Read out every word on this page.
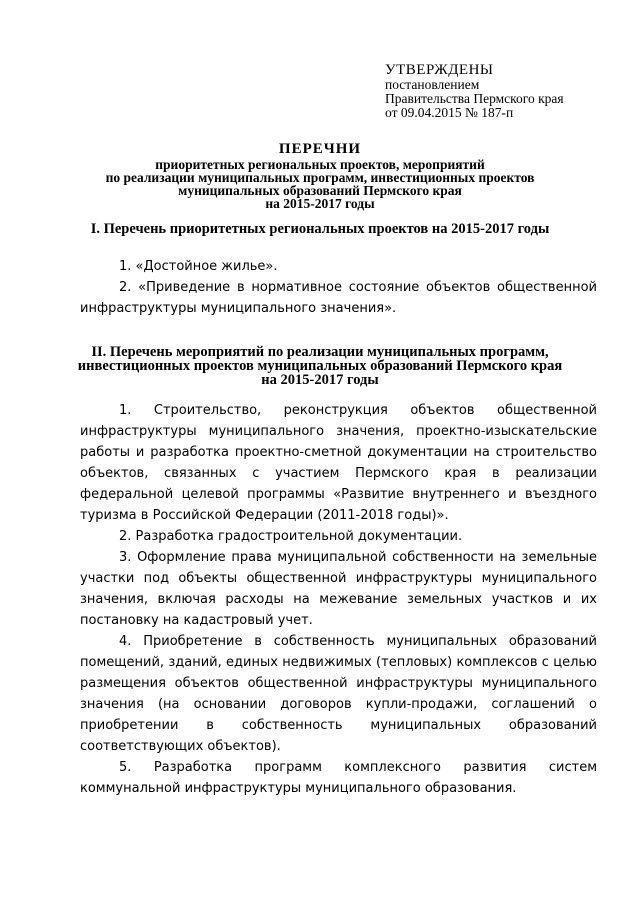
УТВЕРЖДЕНЫ
постановлением
Правительства Пермского края
от 09.04.2015 № 187-п
ПЕРЕЧНИ
приоритетных региональных проектов, мероприятий
по реализации муниципальных программ, инвестиционных проектов
муниципальных образований Пермского края
на 2015-2017 годы
I. Перечень приоритетных региональных проектов на 2015-2017 годы
1. «Достойное жилье».
2. «Приведение в нормативное состояние объектов общественной инфраструктуры муниципального значения».
II. Перечень мероприятий по реализации муниципальных программ,
инвестиционных проектов муниципальных образований Пермского края
на 2015-2017 годы
1. Строительство, реконструкция объектов общественной инфраструктуры муниципального значения, проектно-изыскательские работы и разработка проектно-сметной документации на строительство объектов, связанных с участием Пермского края в реализации федеральной целевой программы «Развитие внутреннего и въездного туризма в Российской Федерации (2011-2018 годы)».
2. Разработка градостроительной документации.
3. Оформление права муниципальной собственности на земельные участки под объекты общественной инфраструктуры муниципального значения, включая расходы на межевание земельных участков и их постановку на кадастровый учет.
4. Приобретение в собственность муниципальных образований помещений, зданий, единых недвижимых (тепловых) комплексов с целью размещения объектов общественной инфраструктуры муниципального значения (на основании договоров купли-продажи, соглашений о приобретении в собственность муниципальных образований соответствующих объектов).
5. Разработка программ комплексного развития систем коммунальной инфраструктуры муниципального образования.
